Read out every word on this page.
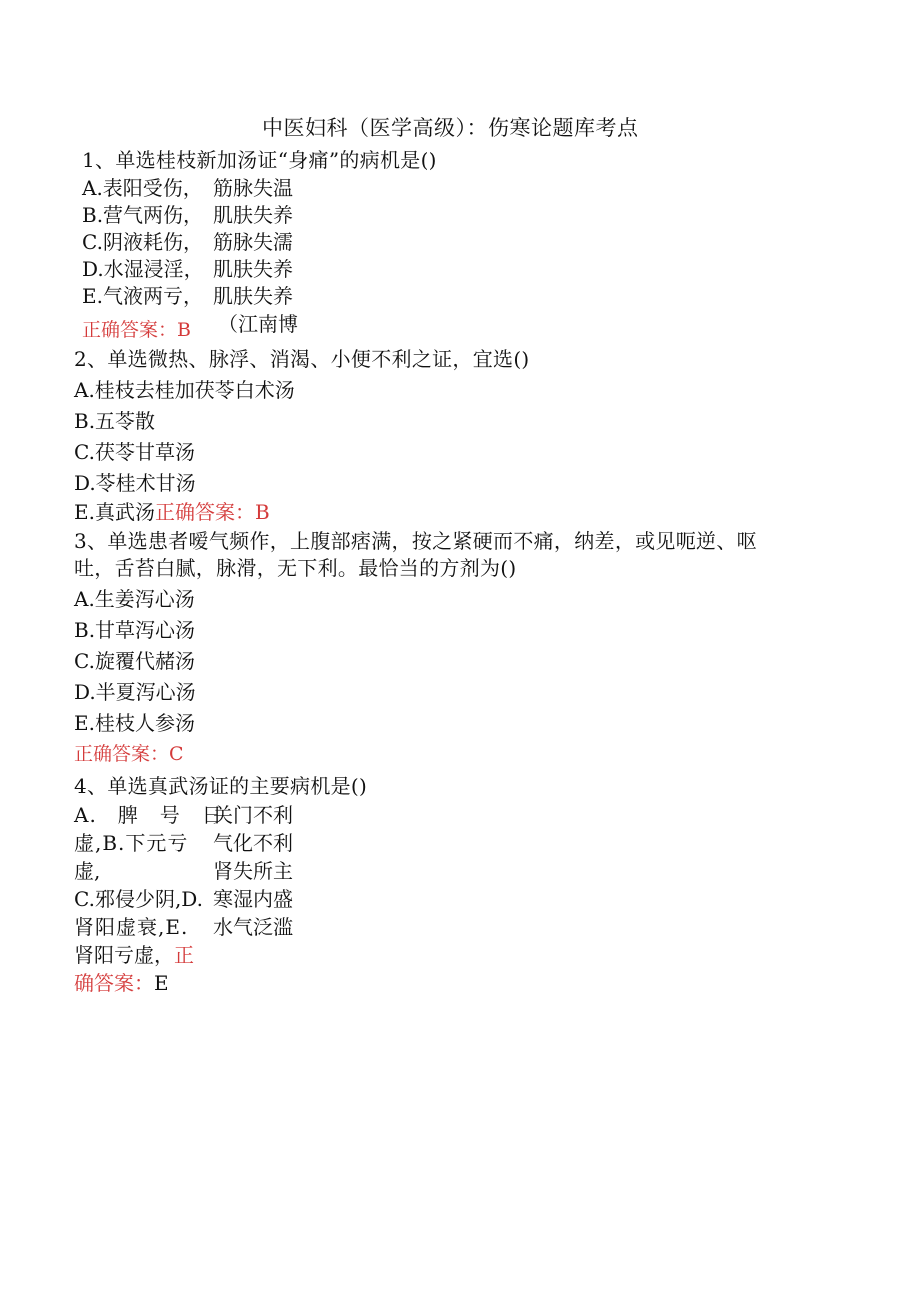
中医妇科（医学高级）：伤寒论题库考点
1、单选桂枝新加汤证“身痛”的病机是()
A.表阳受伤，
B.营气两伤，
C.阴液耗伤，
D.水湿浸淫，
E.气液两亏，
筋脉失温
肌肤失养
筋脉失濡
肌肤失养
肌肤失养
正确答案：B （江南博
2、单选微热、脉浮、消渴、小便不利之证，宜选()
A.桂枝去桂加茯苓白术汤
B.五苓散
C.茯苓甘草汤
D.苓桂术甘汤
E.真武汤正确答案：B
3、单选患者嗳气频作，上腹部痞满，按之紧硬而不痛，纳差，或见呃逆、呕
吐，舌苔白腻，脉滑，无下利。最恰当的方剂为()
A.生姜泻心汤
B.甘草泻心汤
C.旋覆代赭汤
D.半夏泻心汤
E.桂枝人参汤
正确答案：C
4、单选真武汤证的主要病机是()
A.　脾　号　日
虚,B.下元亏
虚,
C.邪侵少阴,D.
肾阳虚衰,E.
肾阳亏虚，正
关门不利
气化不利
肾失所主
寒湿内盛
水气泛滥
确答案：E
